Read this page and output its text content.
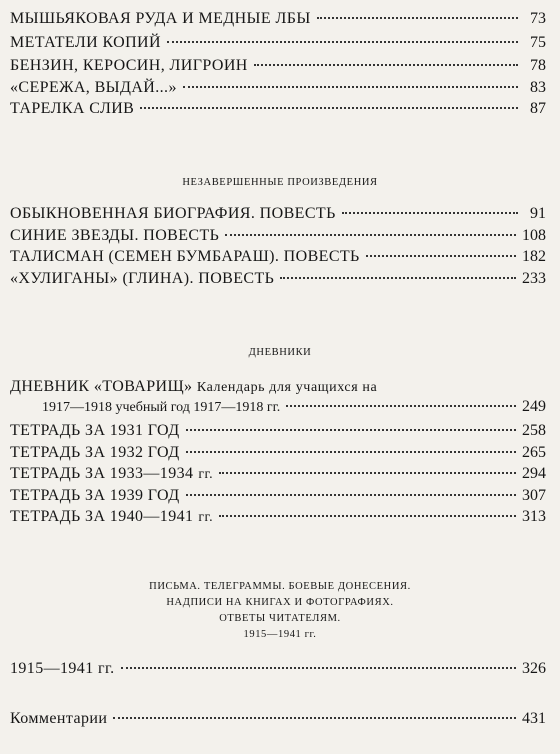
МЫШЬЯКОВАЯ РУДА И МЕДНЫЕ ЛБЫ	73
МЕТАТЕЛИ КОПИЙ	75
БЕНЗИН, КЕРОСИН, ЛИГРОИН	78
«СЕРЕЖА, ВЫДАЙ...»	83
ТАРЕЛКА СЛИВ	87
НЕЗАВЕРШЕННЫЕ ПРОИЗВЕДЕНИЯ
ОБЫКНОВЕННАЯ БИОГРАФИЯ. ПОВЕСТЬ	91
СИНИЕ ЗВЕЗДЫ. ПОВЕСТЬ	108
ТАЛИСМАН (СЕМЕН БУМБАРАШ). ПОВЕСТЬ	182
«ХУЛИГАНЫ» (ГЛИНА). ПОВЕСТЬ	233
ДНЕВНИКИ
ДНЕВНИК «ТОВАРИЩ» Календарь для учащихся на
1917—1918 учебный год 1917—1918 гг.	249
ТЕТРАДЬ ЗА 1931 ГОД	258
ТЕТРАДЬ ЗА 1932 ГОД	265
ТЕТРАДЬ ЗА 1933—1934 гг.	294
ТЕТРАДЬ ЗА 1939 ГОД	307
ТЕТРАДЬ ЗА 1940—1941 гг.	313
ПИСЬМА. ТЕЛЕГРАММЫ. БОЕВЫЕ ДОНЕСЕНИЯ.
НАДПИСИ НА КНИГАХ И ФОТОГРАФИЯХ.
ОТВЕТЫ ЧИТАТЕЛЯМ.
1915—1941 гг.
1915—1941 гг.	326
Комментарии	431
